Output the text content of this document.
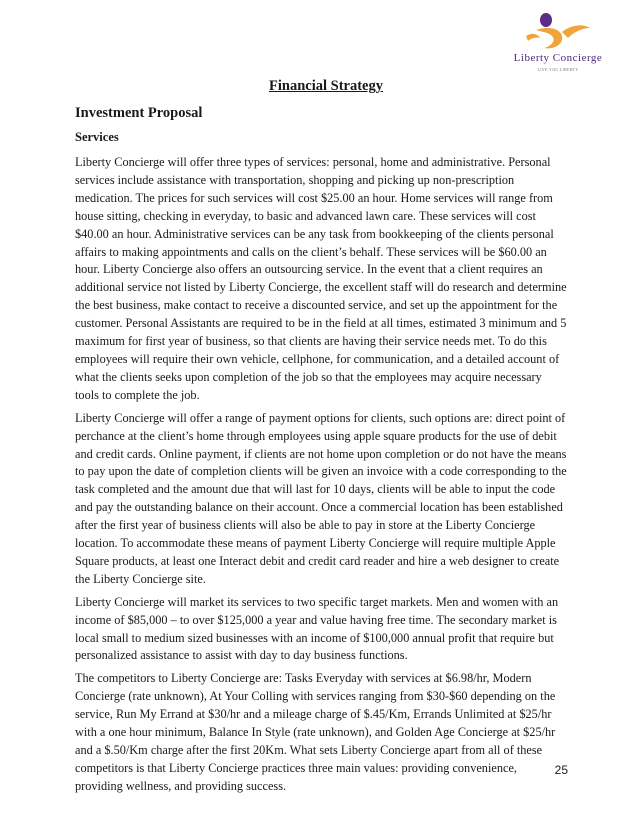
Liberty Concierge
LIVE YOU LIBERTY
Financial Strategy
Investment Proposal
Services

Liberty Concierge will offer three types of services: personal, home and administrative. Personal services include assistance with transportation, shopping and picking up non-prescription medication. The prices for such services will cost $25.00 an hour. Home services will range from house sitting, checking in everyday, to basic and advanced lawn care. These services will cost $40.00 an hour. Administrative services can be any task from bookkeeping of the clients personal affairs to making appointments and calls on the client’s behalf. These services will be $60.00 an hour. Liberty Concierge also offers an outsourcing service. In the event that a client requires an additional service not listed by Liberty Concierge, the excellent staff will do research and determine the best business, make contact to receive a discounted service, and set up the appointment for the customer. Personal Assistants are required to be in the field at all times, estimated 3 minimum and 5 maximum for first year of business, so that clients are having their service needs met. To do this employees will require their own vehicle, cellphone, for communication, and a detailed account of what the clients seeks upon completion of the job so that the employees may acquire necessary tools to complete the job.

Liberty Concierge will offer a range of payment options for clients, such options are: direct point of perchance at the client’s home through employees using apple square products for the use of debit and credit cards. Online payment, if clients are not home upon completion or do not have the means to pay upon the date of completion clients will be given an invoice with a code corresponding to the task completed and the amount due that will last for 10 days, clients will be able to input the code and pay the outstanding balance on their account. Once a commercial location has been established after the first year of business clients will also be able to pay in store at the Liberty Concierge location. To accommodate these means of payment Liberty Concierge will require multiple Apple Square products, at least one Interact debit and credit card reader and hire a web designer to create the Liberty Concierge site.

Liberty Concierge will market its services to two specific target markets. Men and women with an income of $85,000 – to over $125,000 a year and value having free time. The secondary market is local small to medium sized businesses with an income of $100,000 annual profit that require but personalized assistance to assist with day to day business functions.

The competitors to Liberty Concierge are: Tasks Everyday with services at $6.98/hr, Modern Concierge (rate unknown), At Your Colling with services ranging from $30-$60 depending on the service, Run My Errand at $30/hr and a mileage charge of $.45/Km, Errands Unlimited at $25/hr with a one hour minimum, Balance In Style (rate unknown), and Golden Age Concierge at $25/hr and a $.50/Km charge after the first 20Km. What sets Liberty Concierge apart from all of these competitors is that Liberty Concierge practices three main values: providing convenience, providing wellness, and providing success.

25
